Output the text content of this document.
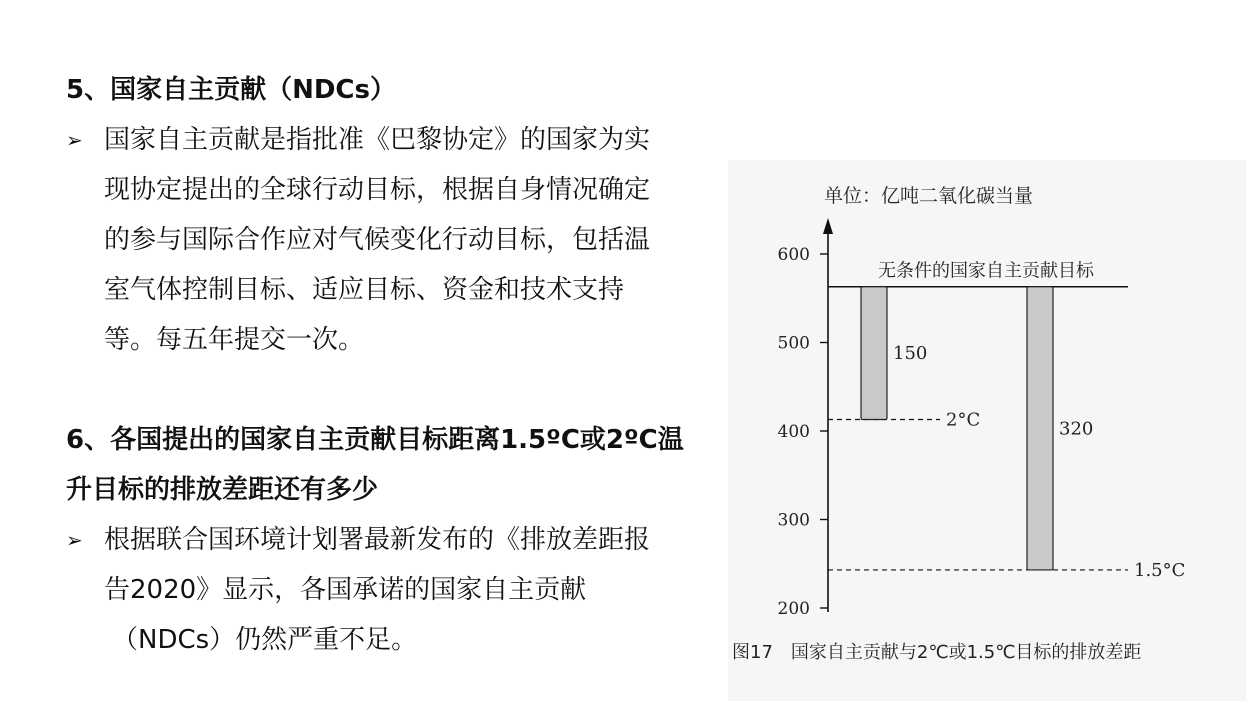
5、国家自主贡献（NDCs）
➢ 国家自主贡献是指批准《巴黎协定》的国家为实
现协定提出的全球行动目标，根据自身情况确定
的参与国际合作应对气候变化行动目标，包括温
室气体控制目标、适应目标、资金和技术支持
等。每五年提交一次。
6、各国提出的国家自主贡献目标距离1.5ºC或2ºC温
升目标的排放差距还有多少
➢ 根据联合国环境计划署最新发布的《排放差距报
告2020》显示，各国承诺的国家自主贡献
（NDCs）仍然严重不足。
单位：亿吨二氧化碳当量
200
300
400
500
600
无条件的国家自主贡献目标
2°C
1.5°C
150
320
图17　国家自主贡献与2℃或1.5℃目标的排放差距
